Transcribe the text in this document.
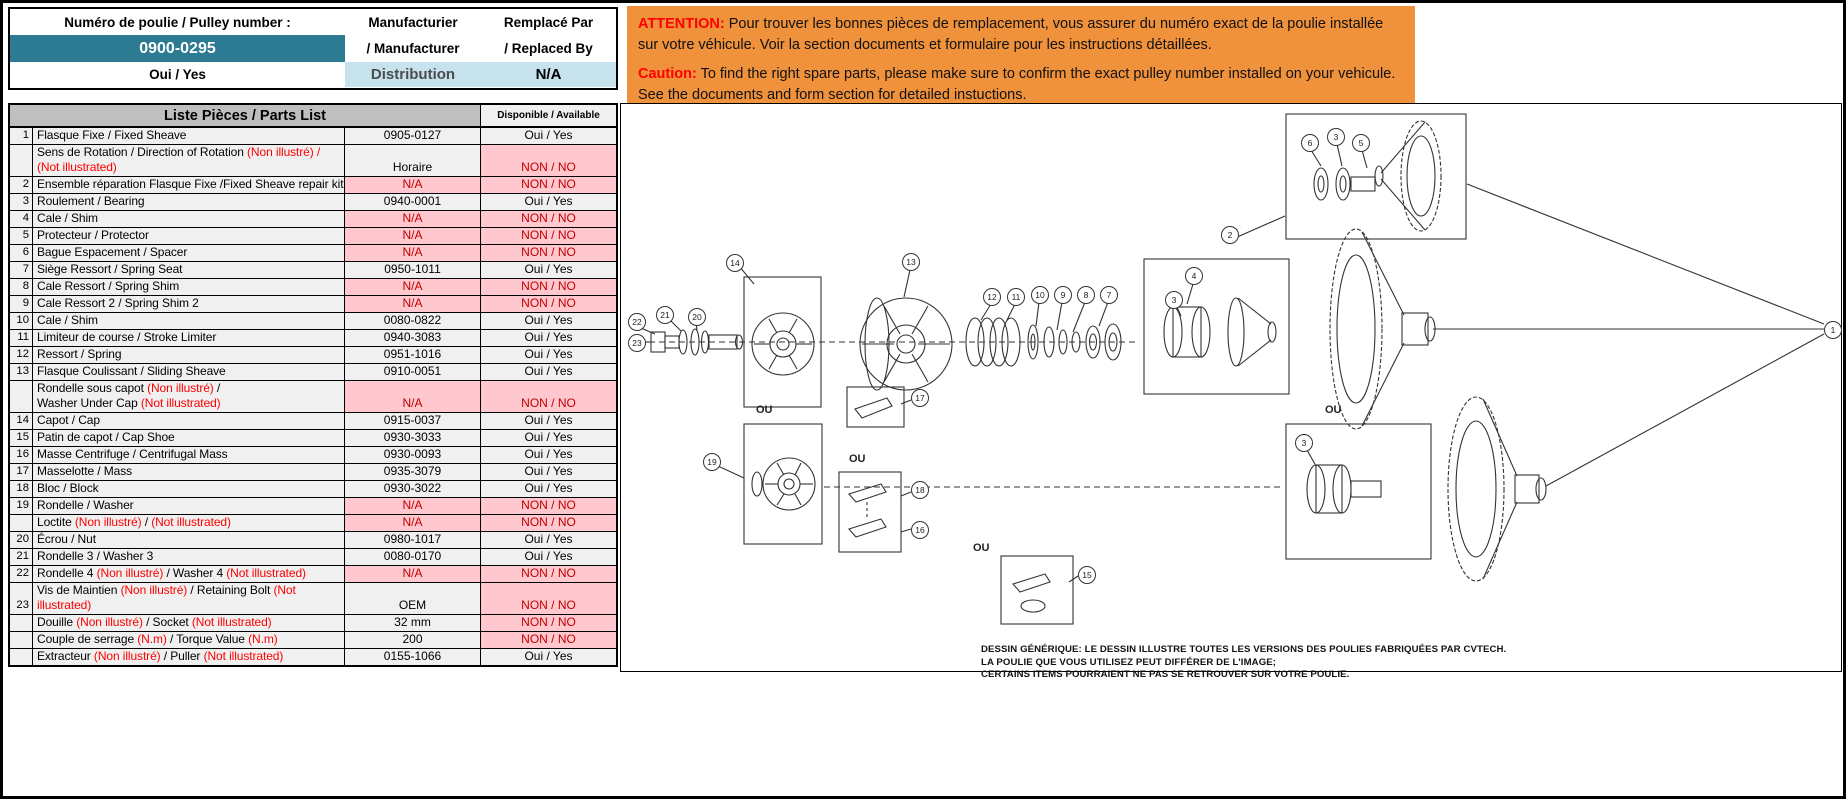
Numéro de poulie / Pulley number :	Manufacturier	Remplacé Par
0900-0295	/ Manufacturer	/ Replaced By
Oui / Yes	Distribution	N/A

ATTENTION: Pour trouver les bonnes pièces de remplacement, vous assurer du numéro exact de la poulie installée sur votre véhicule. Voir la section documents et formulaire pour les instructions détaillées.

Caution: To find the right spare parts, please make sure to confirm the exact pulley number installed on your vehicule. See the documents and form section for detailed instuctions.

Liste Pièces / Parts List	Disponible / Available
1 Flasque Fixe / Fixed Sheave	0905-0127	Oui / Yes
Sens de Rotation / Direction of Rotation (Non illustré) /
(Not illustrated)	Horaire	NON / NO
2 Ensemble réparation Flasque Fixe /Fixed Sheave repair kit	N/A	NON / NO
3 Roulement / Bearing	0940-0001	Oui / Yes
4 Cale / Shim	N/A	NON / NO
5 Protecteur / Protector	N/A	NON / NO
6 Bague Espacement / Spacer	N/A	NON / NO
7 Siège Ressort / Spring Seat	0950-1011	Oui / Yes
8 Cale Ressort / Spring Shim	N/A	NON / NO
9 Cale Ressort 2 / Spring Shim 2	N/A	NON / NO
10 Cale / Shim	0080-0822	Oui / Yes
11 Limiteur de course / Stroke Limiter	0940-3083	Oui / Yes
12 Ressort / Spring	0951-1016	Oui / Yes
13 Flasque Coulissant / Sliding Sheave	0910-0051	Oui / Yes
Rondelle sous capot (Non illustré) /
Washer Under Cap (Not illustrated)	N/A	NON / NO
14 Capot / Cap	0915-0037	Oui / Yes
15 Patin de capot / Cap Shoe	0930-3033	Oui / Yes
16 Masse Centrifuge / Centrifugal Mass	0930-0093	Oui / Yes
17 Masselotte / Mass	0935-3079	Oui / Yes
18 Bloc / Block	0930-3022	Oui / Yes
19 Rondelle / Washer	N/A	NON / NO
Loctite (Non illustré) / (Not illustrated)	N/A	NON / NO
20 Écrou / Nut	0980-1017	Oui / Yes
21 Rondelle 3 / Washer 3	0080-0170	Oui / Yes
22 Rondelle 4 (Non illustré) / Washer 4 (Not illustrated)	N/A	NON / NO
23
Vis de Maintien (Non illustré) / Retaining Bolt (Not
illustrated)	OEM	NON / NO
Douille (Non illustré) / Socket (Not illustrated)	32 mm	NON / NO
Couple de serrage (N.m) / Torque Value (N.m)	200	NON / NO
Extracteur (Non illustré) / Puller (Not illustrated)	0155-1066	Oui / Yes	DESSIN GÉNÉRIQUE: LE DESSIN ILLUSTRE TOUTES LES VERSIONS DES POULIES FABRIQUÉES PAR CVTECH.
LA POULIE QUE VOUS UTILISEZ PEUT DIFFÉRER DE L'IMAGE;
CERTAINS ITEMS POURRAIENT NE PAS SE RETROUVER SUR VOTRE POULIE.
14	13
22
21	20
23
12	11	10	9	8	7
6
3
5
2
4
3
1
19
17
18
16
15
3
OU	OU
OU
OU
